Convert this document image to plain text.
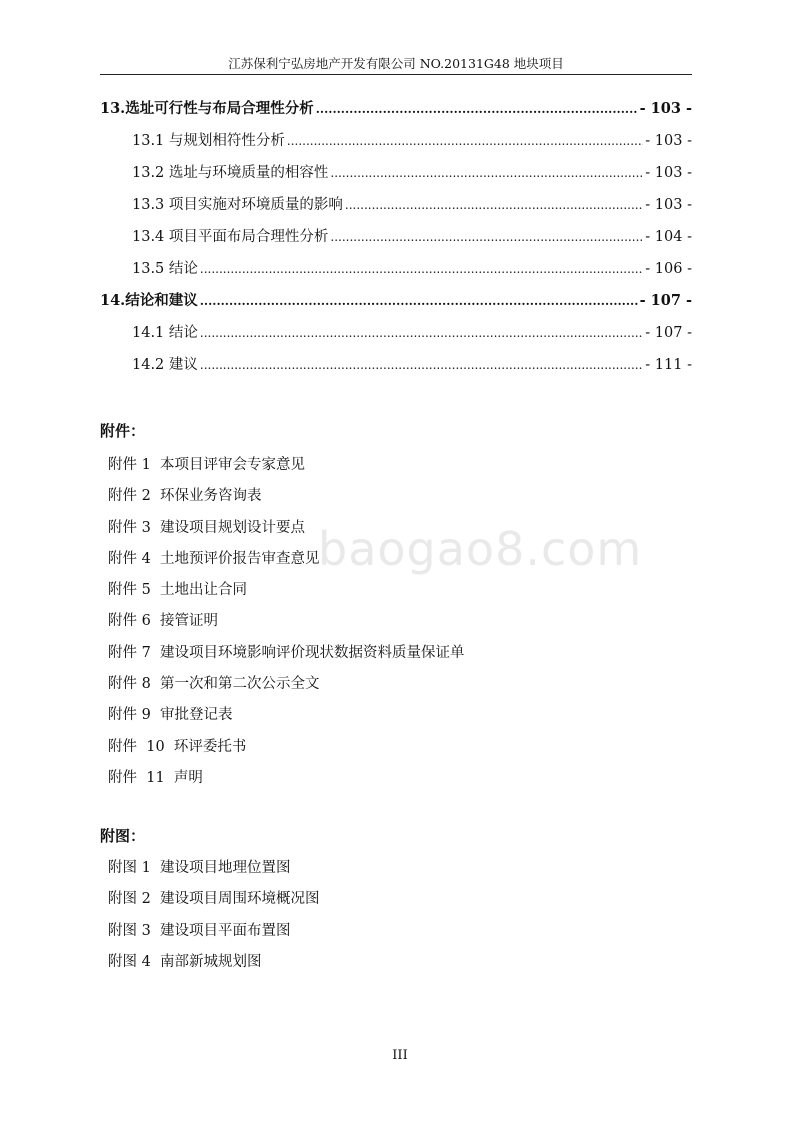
江苏保利宁弘房地产开发有限公司 NO.20131G48 地块项目
13.选址可行性与布局合理性分析 .....	- 103 -
13.1 与规划相符性分析 .....	- 103 -
13.2 选址与环境质量的相容性 .....	- 103 -
13.3 项目实施对环境质量的影响 .....	- 103 -
13.4 项目平面布局合理性分析 .....	- 104 -
13.5 结论 .....	- 106 -
14.结论和建议 .....	- 107 -
14.1 结论 .....	- 107 -
14.2 建议 .....	- 111 -
附件：
附件 1  本项目评审会专家意见
附件 2  环保业务咨询表
附件 3  建设项目规划设计要点
附件 4  土地预评价报告审查意见
附件 5  土地出让合同
附件 6  接管证明
附件 7  建设项目环境影响评价现状数据资料质量保证单
附件 8  第一次和第二次公示全文
附件 9  审批登记表
附件  10  环评委托书
附件  11  声明
baogao8.com
附图：
附图 1  建设项目地理位置图
附图 2  建设项目周围环境概况图
附图 3  建设项目平面布置图
附图 4  南部新城规划图
III
